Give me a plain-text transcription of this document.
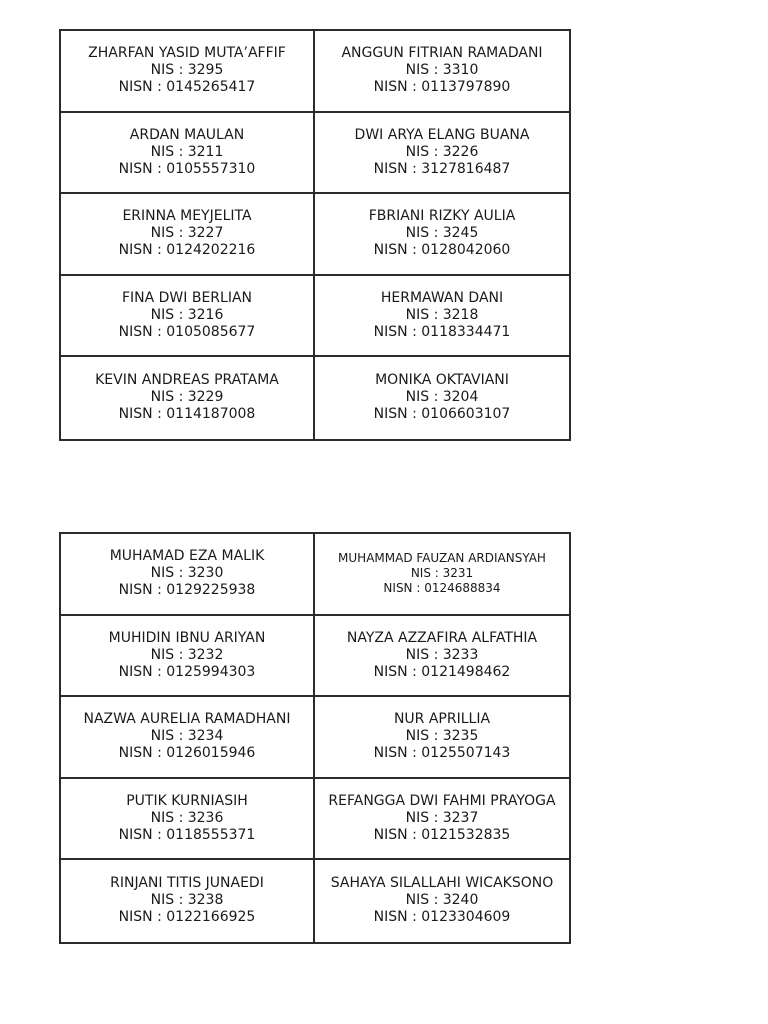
ZHARFAN YASID MUTA’AFFIF
NIS : 3295
NISN : 0145265417
ANGGUN FITRIAN RAMADANI
NIS : 3310
NISN : 0113797890
ARDAN MAULAN
NIS : 3211
NISN : 0105557310
DWI ARYA ELANG BUANA
NIS : 3226
NISN : 3127816487
ERINNA MEYJELITA
NIS : 3227
NISN : 0124202216
FBRIANI RIZKY AULIA
NIS : 3245
NISN : 0128042060
FINA DWI BERLIAN
NIS : 3216
NISN : 0105085677
HERMAWAN DANI
NIS : 3218
NISN : 0118334471
KEVIN ANDREAS PRATAMA
NIS : 3229
NISN : 0114187008
MONIKA OKTAVIANI
NIS : 3204
NISN : 0106603107
MUHAMAD EZA MALIK
NIS : 3230
NISN : 0129225938
MUHAMMAD FAUZAN ARDIANSYAH
NIS : 3231
NISN : 0124688834
MUHIDIN IBNU ARIYAN
NIS : 3232
NISN : 0125994303
NAYZA AZZAFIRA ALFATHIA
NIS : 3233
NISN : 0121498462
NAZWA AURELIA RAMADHANI
NIS : 3234
NISN : 0126015946
NUR APRILLIA
NIS : 3235
NISN : 0125507143
PUTIK KURNIASIH
NIS : 3236
NISN : 0118555371
REFANGGA DWI FAHMI PRAYOGA
NIS : 3237
NISN : 0121532835
RINJANI TITIS JUNAEDI
NIS : 3238
NISN : 0122166925
SAHAYA SILALLAHI WICAKSONO
NIS : 3240
NISN : 0123304609
